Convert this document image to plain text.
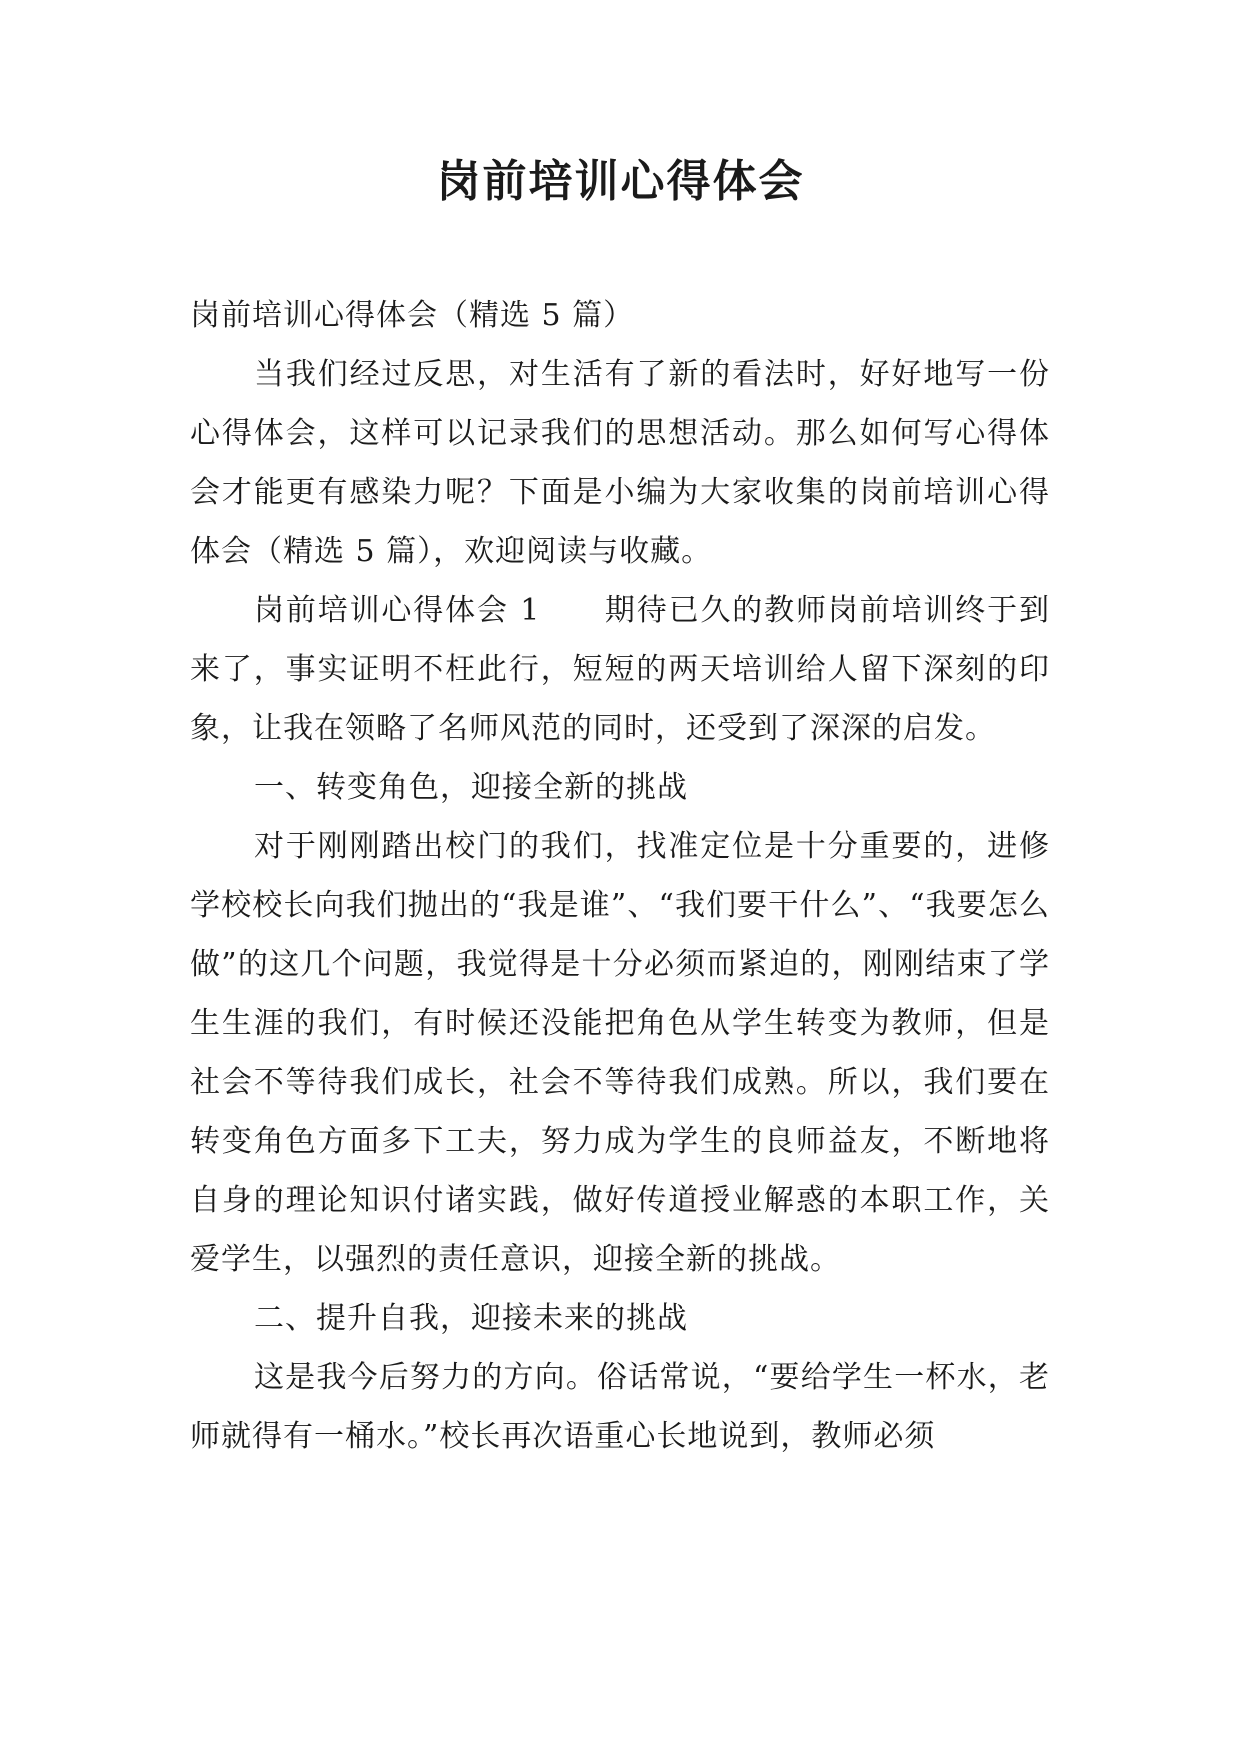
岗前培训心得体会

岗前培训心得体会（精选 5 篇）

当我们经过反思，对生活有了新的看法时，好好地写一份心得体会，这样可以记录我们的思想活动。那么如何写心得体会才能更有感染力呢？下面是小编为大家收集的岗前培训心得体会（精选 5 篇），欢迎阅读与收藏。

岗前培训心得体会 1　　期待已久的教师岗前培训终于到来了，事实证明不枉此行，短短的两天培训给人留下深刻的印象，让我在领略了名师风范的同时，还受到了深深的启发。

一、转变角色，迎接全新的挑战

对于刚刚踏出校门的我们，找准定位是十分重要的，进修学校校长向我们抛出的“我是谁”、“我们要干什么”、“我要怎么做”的这几个问题，我觉得是十分必须而紧迫的，刚刚结束了学生生涯的我们，有时候还没能把角色从学生转变为教师，但是社会不等待我们成长，社会不等待我们成熟。所以，我们要在转变角色方面多下工夫，努力成为学生的良师益友，不断地将自身的理论知识付诸实践，做好传道授业解惑的本职工作，关爱学生，以强烈的责任意识，迎接全新的挑战。

二、提升自我，迎接未来的挑战

这是我今后努力的方向。俗话常说，“要给学生一杯水，老师就得有一桶水。”校长再次语重心长地说到，教师必须
